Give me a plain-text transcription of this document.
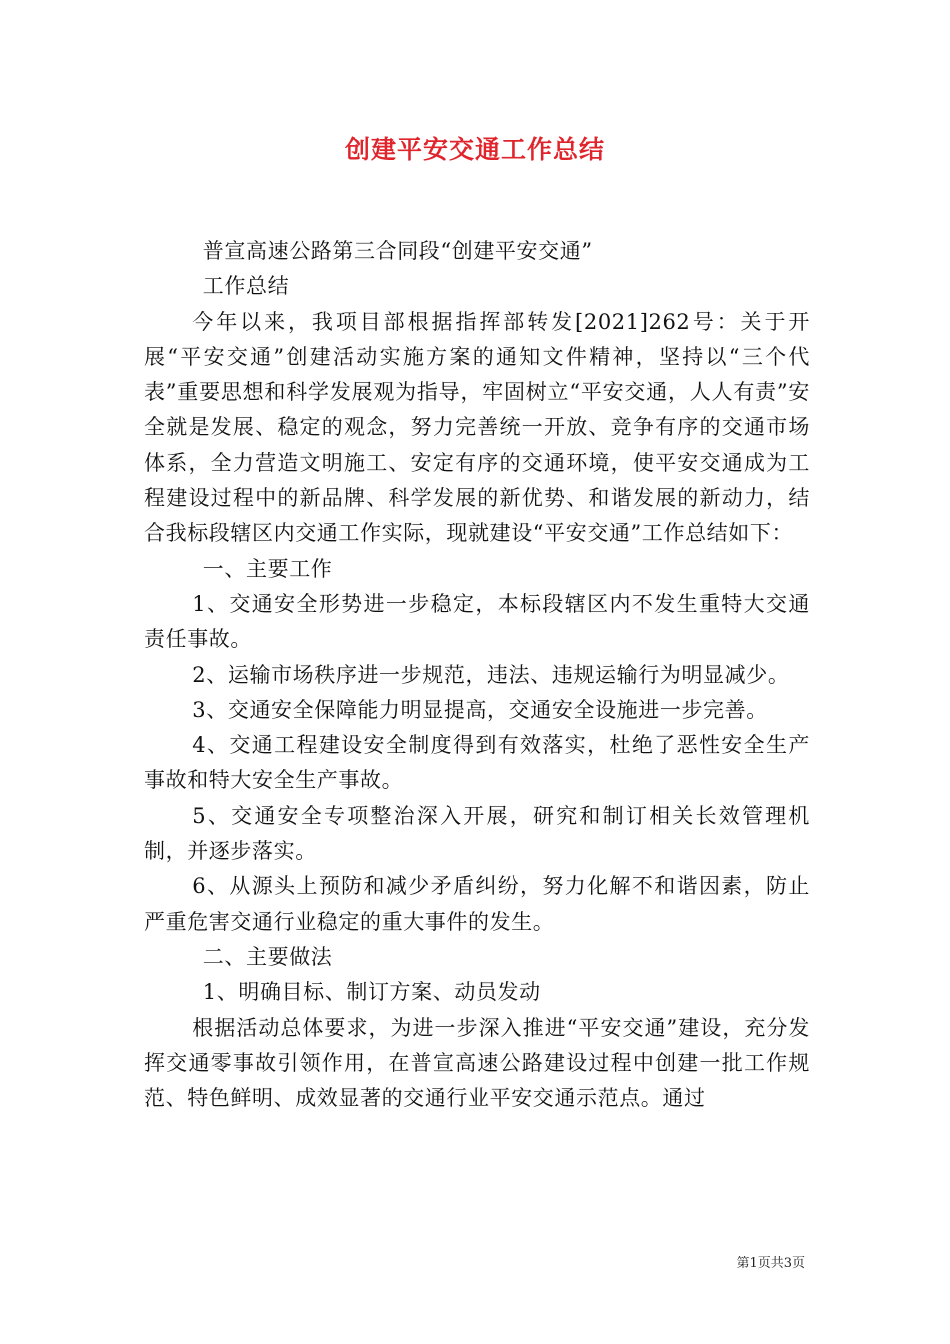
创建平安交通工作总结

普宣高速公路第三合同段“创建平安交通”

工作总结

今年以来，我项目部根据指挥部转发[2021]262号：关于开展“平安交通”创建活动实施方案的通知文件精神，坚持以“三个代表”重要思想和科学发展观为指导，牢固树立“平安交通，人人有责”安全就是发展、稳定的观念，努力完善统一开放、竞争有序的交通市场体系，全力营造文明施工、安定有序的交通环境，使平安交通成为工程建设过程中的新品牌、科学发展的新优势、和谐发展的新动力，结合我标段辖区内交通工作实际，现就建设“平安交通”工作总结如下：

一、主要工作

1、交通安全形势进一步稳定，本标段辖区内不发生重特大交通责任事故。

2、运输市场秩序进一步规范，违法、违规运输行为明显减少。

3、交通安全保障能力明显提高，交通安全设施进一步完善。

4、交通工程建设安全制度得到有效落实，杜绝了恶性安全生产事故和特大安全生产事故。

5、交通安全专项整治深入开展，研究和制订相关长效管理机制，并逐步落实。

6、从源头上预防和减少矛盾纠纷，努力化解不和谐因素，防止严重危害交通行业稳定的重大事件的发生。

二、主要做法

1、明确目标、制订方案、动员发动

根据活动总体要求，为进一步深入推进“平安交通”建设，充分发挥交通零事故引领作用，在普宣高速公路建设过程中创建一批工作规范、特色鲜明、成效显著的交通行业平安交通示范点。通过

第1页共3页
